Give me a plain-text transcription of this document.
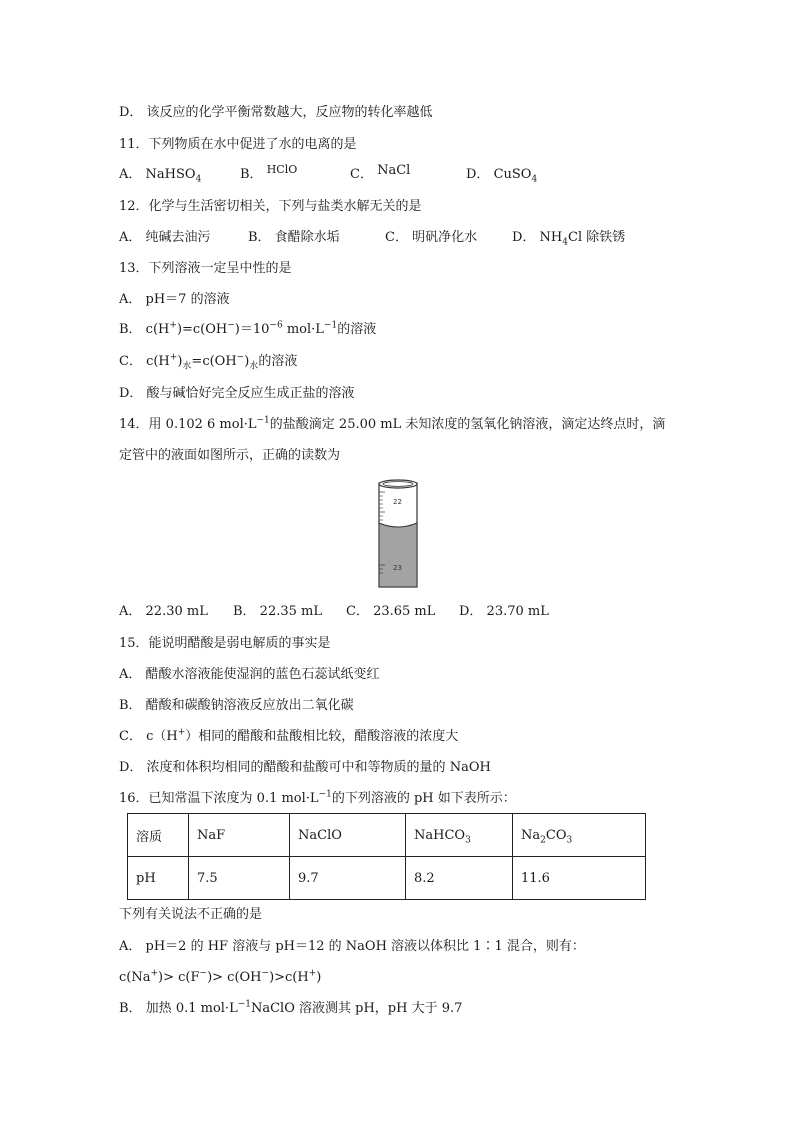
D． 该反应的化学平衡常数越大，反应物的转化率越低
11．下列物质在水中促进了水的电离的是
A． NaHSO$_4$	B． $^{HClO}$	C． NaCl	D． CuSO$_4$
12．化学与生活密切相关，下列与盐类水解无关的是
A． 纯碱去油污	B． 食醋除水垢	C． 明矾净化水	D． $NH_4Cl$ 除铁锈
13．下列溶液一定呈中性的是
A． pH＝7 的溶液
B． $c(H^+)=c(OH^-)=10^{-6}$ $mol\cdot L^{-1}$的溶液
C． $c(H^+)_水=c(OH^-)_水$的溶液
D． 酸与碱恰好完全反应生成正盐的溶液
14．用 0.102 6 $mol\cdot L^{-1}$的盐酸滴定 25.00 mL 未知浓度的氢氧化钠溶液，滴定达终点时，滴
定管中的液面如图所示，正确的读数为
22
23
A． 22.30 mL B． 22.35 mL C． 23.65 mL D． 23.70 mL
15．能说明醋酸是弱电解质的事实是
A． 醋酸水溶液能使湿润的蓝色石蕊试纸变红
B． 醋酸和碳酸钠溶液反应放出二氧化碳
C． c（H+）相同的醋酸和盐酸相比较，醋酸溶液的浓度大
D． 浓度和体积均相同的醋酸和盐酸可中和等物质的量的 NaOH
16．已知常温下浓度为 0.1 $mol\cdot L^{-1}$的下列溶液的 pH 如下表所示：
溶质	NaF	NaClO	NaHCO$_3$	$Na_2CO_3$
pH	7.5	9.7	8.2	11.6
下列有关说法不正确的是
A． pH＝2 的 HF 溶液与 pH＝12 的 NaOH 溶液以体积比 1∶1 混合，则有：
c(Na+)> c(F−)> c(OH−)>c(H+)
B． 加热 0.1 $mol\cdot L^{-1}NaClO$ 溶液测其 pH，pH 大于 9.7
